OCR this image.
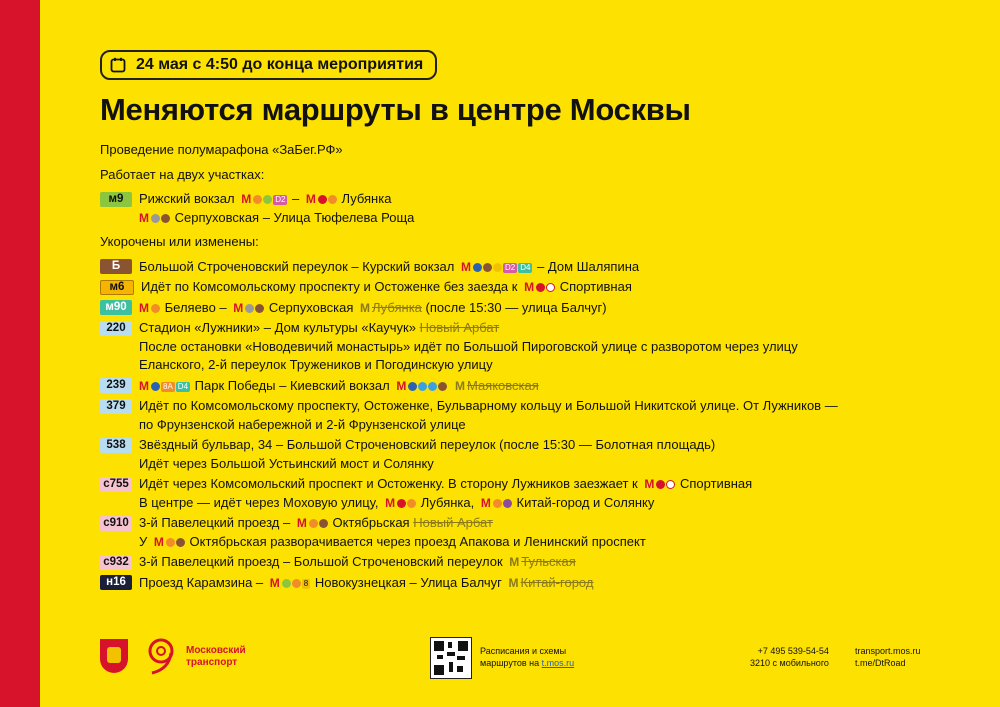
24 мая с 4:50 до конца мероприятия
Меняются маршруты в центре Москвы
Проведение полумарафона «ЗаБег.РФ»
Работает на двух участках:
м9	Рижский вокзал М	D2 – М Лубянка
М Серпуховская – Улица Тюфелева Роща
Укорочены или изменены:
Б	Большой Строченовский переулок – Курский вокзал М	D2 D4 – Дом Шаляпина
м6	Идёт по Комсомольскому проспекту и Остоженке без заезда к М Спортивная
м90	М Беляево – М Серпуховская М Лубянка (после 15:30 — улица Балчуг)
220	Стадион «Лужники» – Дом культуры «Каучук» Новый Арбат
После остановки «Новодевичий монастырь» идёт по Большой Пироговской улице с разворотом через улицу
Еланского, 2-й переулок Тружеников и Погодинскую улицу
239	М 8A D4 Парк Победы – Киевский вокзал М	М Маяковская
379	Идёт по Комсомольскому проспекту, Остоженке, Бульварному кольцу и Большой Никитской улице. От Лужников —
по Фрунзенской набережной и 2-й Фрунзенской улице
538	Звёздный бульвар, 34 – Большой Строченовский переулок (после 15:30 — Болотная площадь)
Идёт через Большой Устьинский мост и Солянку
с755 Идёт через Комсомольский проспект и Остоженку. В сторону Лужников заезжает к М Спортивная
В центре — идёт через Моховую улицу, М Лубянка, М Китай-город и Солянку
с910 3-й Павелецкий проезд – М Октябрьская Новый Арбат
У М Октябрьская разворачивается через проезд Апакова и Ленинский проспект
с932 3-й Павелецкий проезд – Большой Строченовский переулок М Тульская
н16	Проезд Карамзина – М	8 Новокузнецкая – Улица Балчуг М Китай-город
Московский
транспорт
Расписания и схемы
маршрутов на t.mos.ru
+7 495 539-54-54
3210 с мобильного
transport.mos.ru
t.me/DtRoad
